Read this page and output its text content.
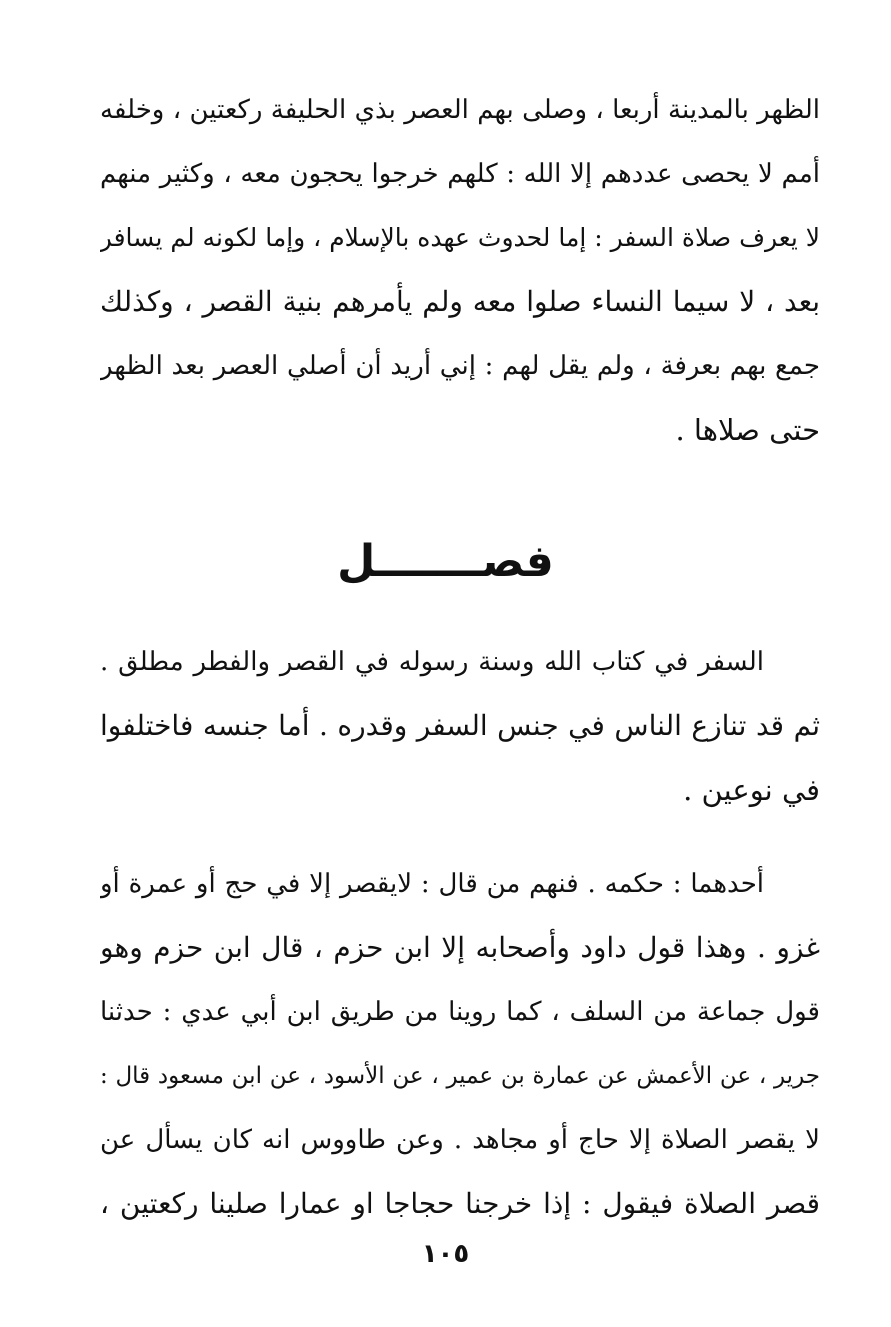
الظهر بالمدينة أربعا ، وصلى بهم العصر بذي الحليفة ركعتين ، وخلفه
أمم لا يحصى عددهم إلا الله : كلهم خرجوا يحجون معه ، وكثير منهم
لا يعرف صلاة السفر : إما لحدوث عهده بالإسلام ، وإما لكونه لم يسافر
بعد ، لا سيما النساء صلوا معه ولم يأمرهم بنية القصر ، وكذلك
جمع بهم بعرفة ، ولم يقل لهم : إني أريد أن أصلي العصر بعد الظهر
حتى صلاها .
فصـــــــل
السفر في كتاب الله وسنة رسوله في القصر والفطر مطلق .
ثم قد تنازع الناس في جنس السفر وقدره . أما جنسه فاختلفوا
في نوعين .
أحدهما : حكمه . فنهم من قال : لايقصر إلا في حج أو عمرة أو
غزو . وهذا قول داود وأصحابه إلا ابن حزم ، قال ابن حزم وهو
قول جماعة من السلف ، كما روينا من طريق ابن أبي عدي : حدثنا
جرير ، عن الأعمش عن عمارة بن عمير ، عن الأسود ، عن ابن مسعود قال :
لا يقصر الصلاة إلا حاج أو مجاهد . وعن طاووس انه كان يسأل عن
قصر الصلاة فيقول : إذا خرجنا حجاجا او عمارا صلينا ركعتين ،
١٠٥
